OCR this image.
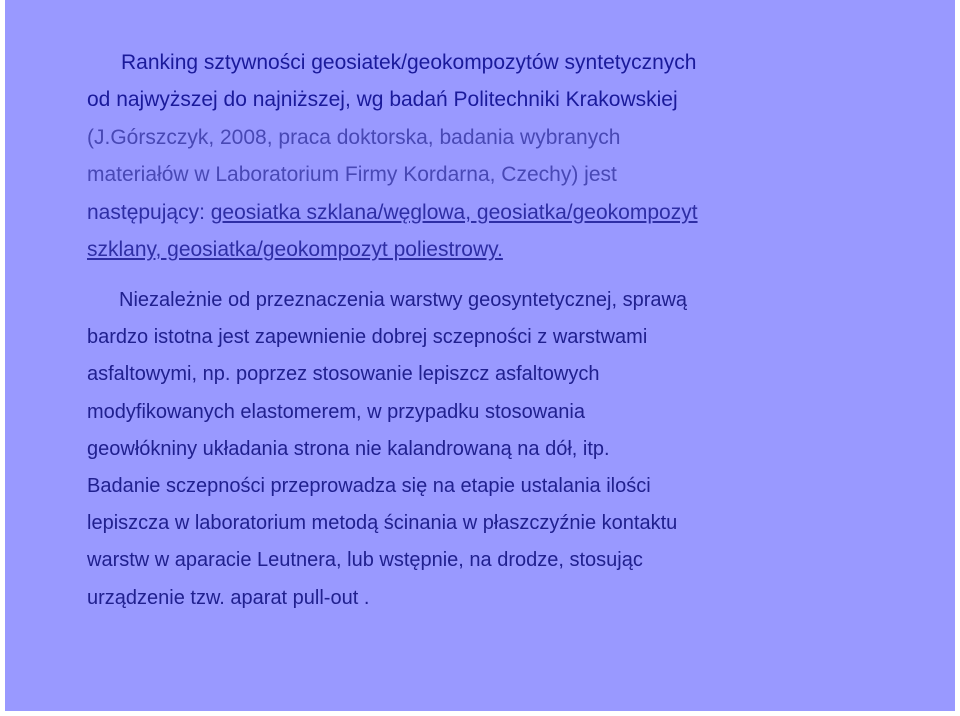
Ranking sztywności geosiatek/geokompozytów syntetycznych
od najwyższej do najniższej, wg badań Politechniki Krakowskiej
(J.Górszczyk, 2008, praca doktorska, badania wybranych
materiałów w Laboratorium Firmy Kordarna, Czechy) jest
następujący: geosiatka szklana/węglowa, geosiatka/geokompozyt
szklany, geosiatka/geokompozyt poliestrowy.
Niezależnie od przeznaczenia warstwy geosyntetycznej, sprawą
bardzo istotna jest zapewnienie dobrej sczepności z warstwami
asfaltowymi, np. poprzez stosowanie lepiszcz asfaltowych
modyfikowanych elastomerem, w przypadku stosowania
geowłókniny układania strona nie kalandrowaną na dół, itp.
Badanie sczepności przeprowadza się na etapie ustalania ilości
lepiszcza w laboratorium metodą ścinania w płaszczyźnie kontaktu
warstw w aparacie Leutnera, lub wstępnie, na drodze, stosując
urządzenie tzw. aparat pull-out .
